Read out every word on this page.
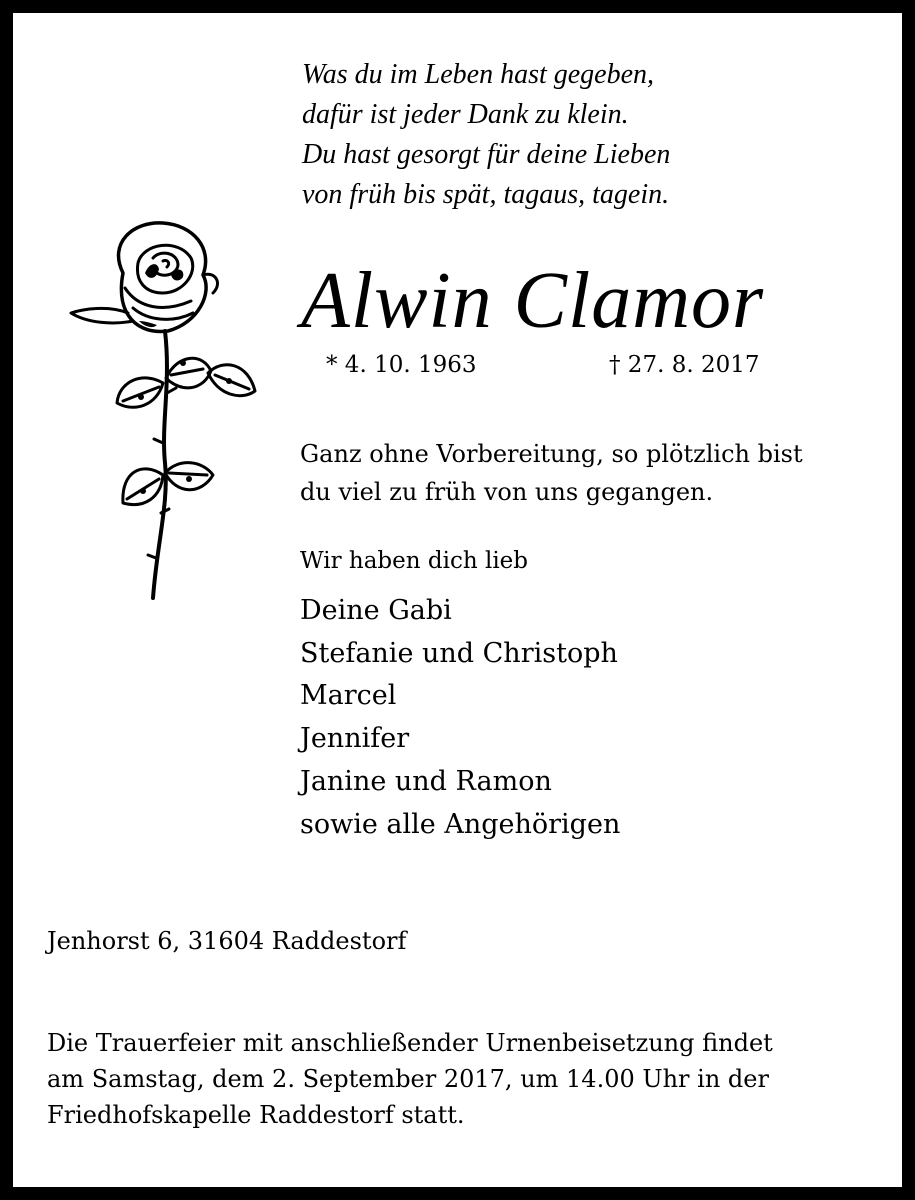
Was du im Leben hast gegeben,
dafür ist jeder Dank zu klein.
Du hast gesorgt für deine Lieben
von früh bis spät, tagaus, tagein.
Alwin Clamor
* 4. 10. 1963	† 27. 8. 2017
Ganz ohne Vorbereitung, so plötzlich bist
du viel zu früh von uns gegangen.
Wir haben dich lieb
Deine Gabi
Stefanie und Christoph
Marcel
Jennifer
Janine und Ramon
sowie alle Angehörigen
Jenhorst 6, 31604 Raddestorf
Die Trauerfeier mit anschließender Urnenbeisetzung findet
am Samstag, dem 2. September 2017, um 14.00 Uhr in der
Friedhofskapelle Raddestorf statt.
